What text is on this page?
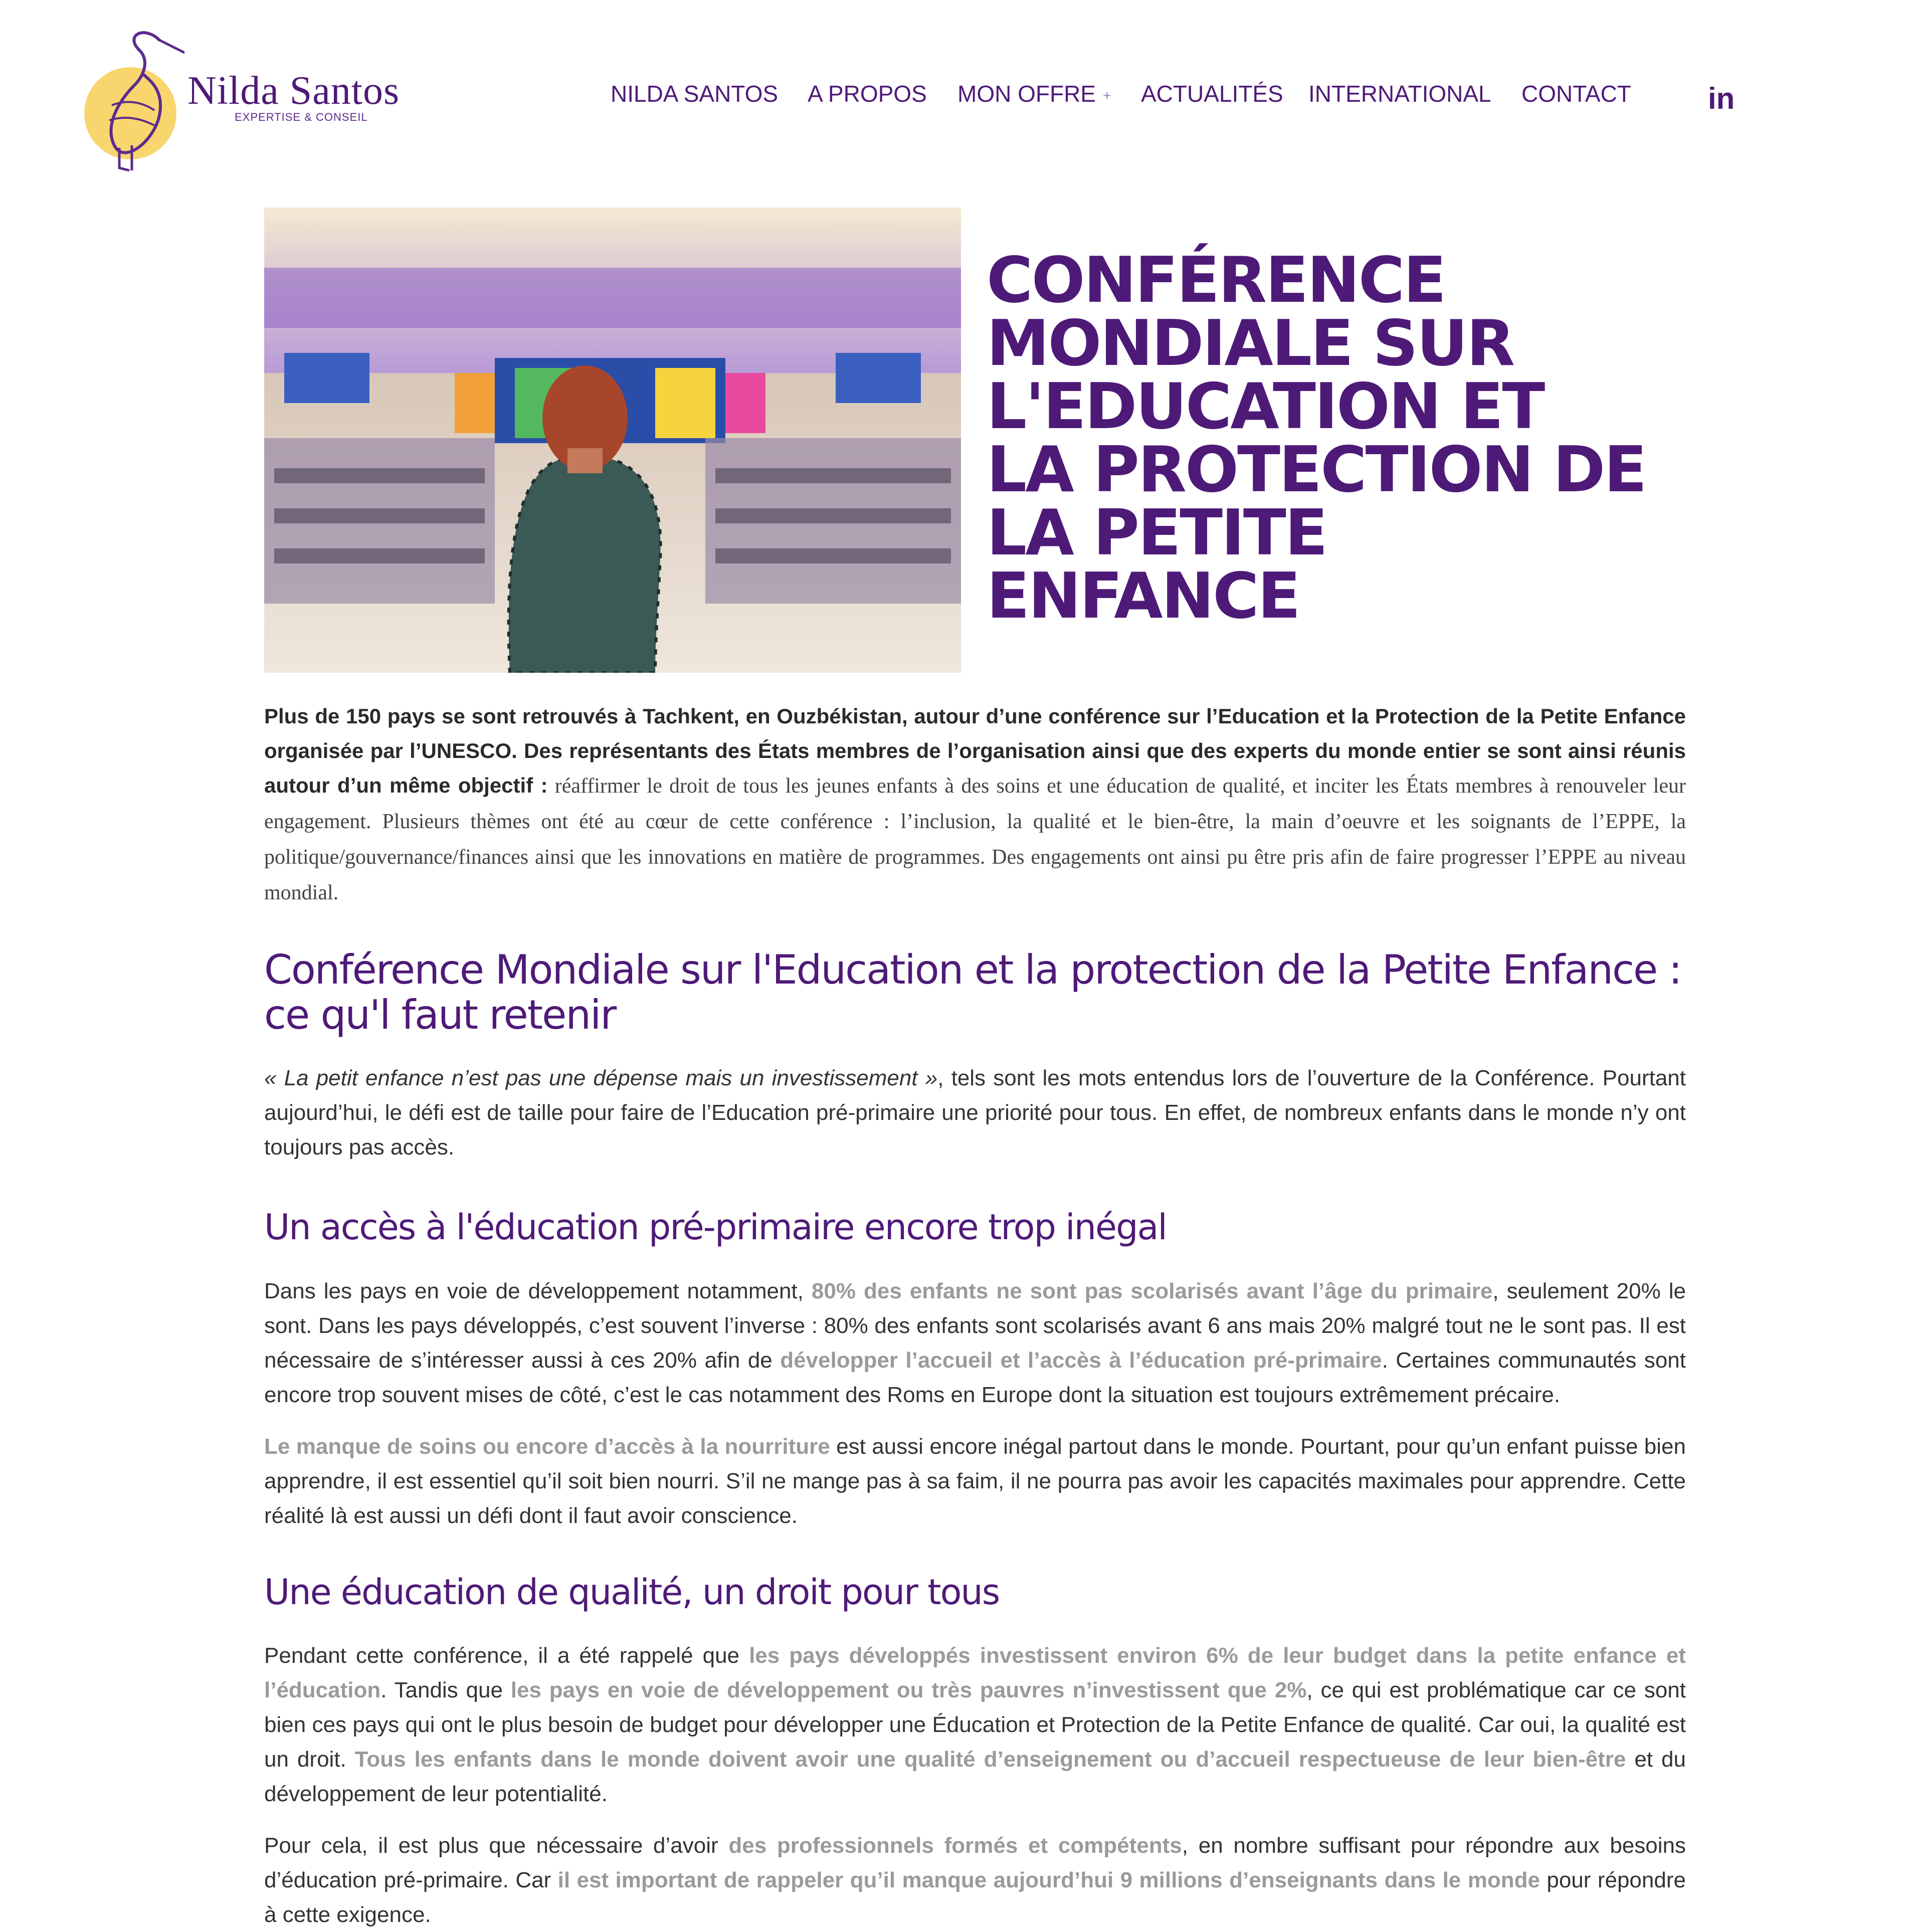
Nilda Santos
EXPERTISE & CONSEIL
NILDA SANTOS A PROPOS MON OFFRE + ACTUALITÉS INTERNATIONAL CONTACT	in
CONFÉRENCE MONDIALE SUR L'EDUCATION ET LA PROTECTION DE LA PETITE ENFANCE

Plus de 150 pays se sont retrouvés à Tachkent, en Ouzbékistan, autour d’une conférence sur l’Education et la Protection de la Petite Enfance organisée par l’UNESCO. Des représentants des États membres de l’organisation ainsi que des experts du monde entier se sont ainsi réunis autour d’un même objectif : réaffirmer le droit de tous les jeunes enfants à des soins et une éducation de qualité, et inciter les États membres à renouveler leur engagement. Plusieurs thèmes ont été au cœur de cette conférence : l’inclusion, la qualité et le bien-être, la main d’oeuvre et les soignants de l’EPPE, la politique/gouvernance/finances ainsi que les innovations en matière de programmes. Des engagements ont ainsi pu être pris afin de faire progresser l’EPPE au niveau mondial.

Conférence Mondiale sur l'Education et la protection de la Petite Enfance : ce qu'l faut retenir

« La petit enfance n’est pas une dépense mais un investissement », tels sont les mots entendus lors de l’ouverture de la Conférence. Pourtant aujourd’hui, le défi est de taille pour faire de l’Education pré-primaire une priorité pour tous. En effet, de nombreux enfants dans le monde n’y ont toujours pas accès.

Un accès à l'éducation pré-primaire encore trop inégal

Dans les pays en voie de développement notamment, 80% des enfants ne sont pas scolarisés avant l’âge du primaire, seulement 20% le sont. Dans les pays développés, c’est souvent l’inverse : 80% des enfants sont scolarisés avant 6 ans mais 20% malgré tout ne le sont pas. Il est nécessaire de s’intéresser aussi à ces 20% afin de développer l’accueil et l’accès à l’éducation pré-primaire. Certaines communautés sont encore trop souvent mises de côté, c’est le cas notamment des Roms en Europe dont la situation est toujours extrêmement précaire.

Le manque de soins ou encore d’accès à la nourriture est aussi encore inégal partout dans le monde. Pourtant, pour qu’un enfant puisse bien apprendre, il est essentiel qu’il soit bien nourri. S’il ne mange pas à sa faim, il ne pourra pas avoir les capacités maximales pour apprendre. Cette réalité là est aussi un défi dont il faut avoir conscience.

Une éducation de qualité, un droit pour tous

Pendant cette conférence, il a été rappelé que les pays développés investissent environ 6% de leur budget dans la petite enfance et l’éducation. Tandis que les pays en voie de développement ou très pauvres n’investissent que 2%, ce qui est problématique car ce sont bien ces pays qui ont le plus besoin de budget pour développer une Éducation et Protection de la Petite Enfance de qualité. Car oui, la qualité est un droit. Tous les enfants dans le monde doivent avoir une qualité d’enseignement ou d’accueil respectueuse de leur bien-être et du développement de leur potentialité.

Pour cela, il est plus que nécessaire d’avoir des professionnels formés et compétents, en nombre suffisant pour répondre aux besoins d’éducation pré-primaire. Car il est important de rappeler qu’il manque aujourd’hui 9 millions d’enseignants dans le monde pour répondre à cette exigence.
